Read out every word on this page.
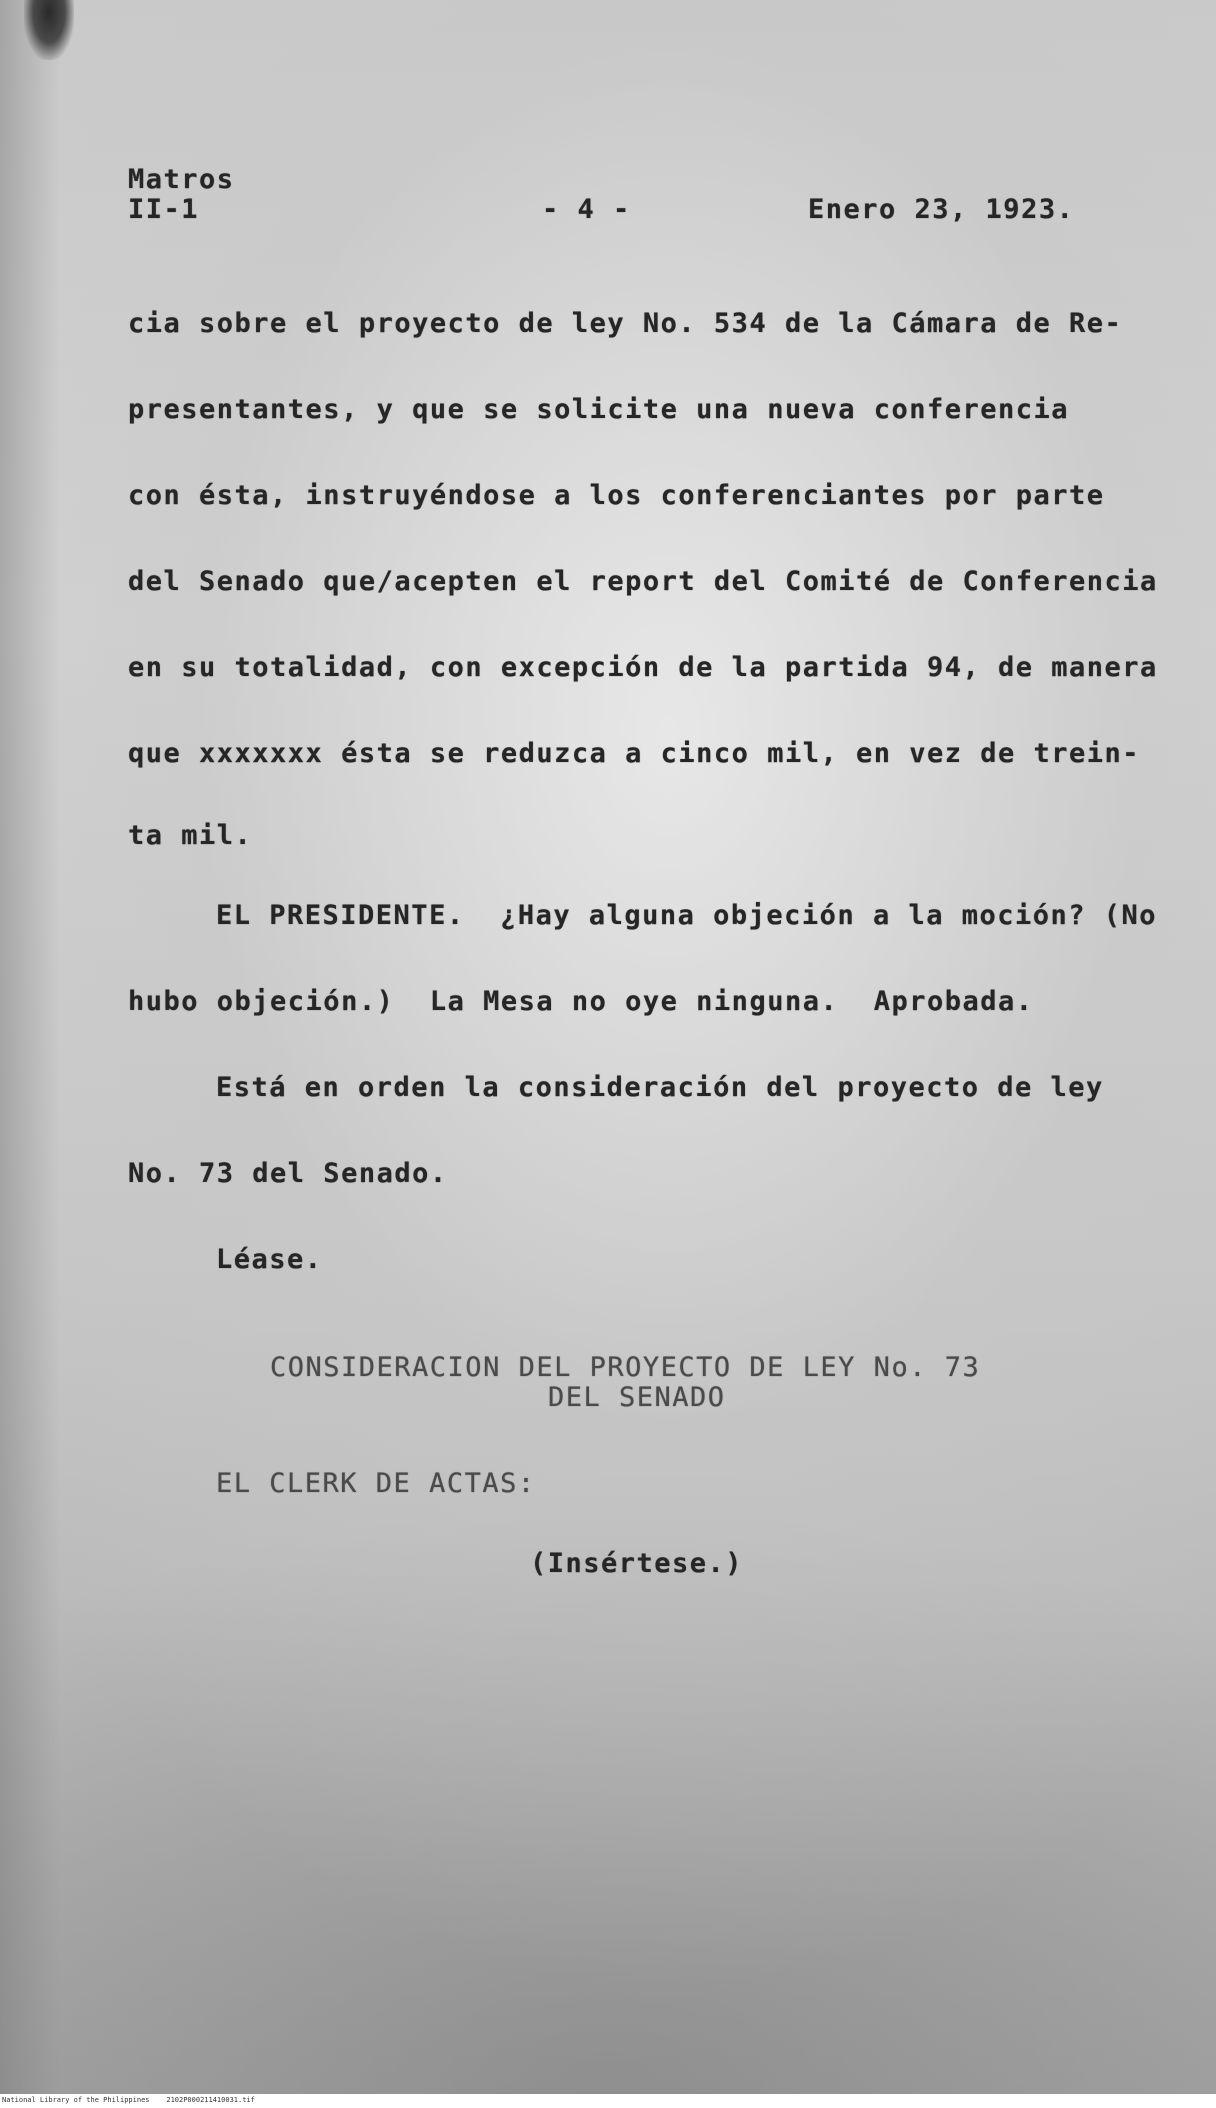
Matros
II-1	- 4 -	Enero 23, 1923.
cia sobre el proyecto de ley No. 534 de la Cámara de Re-
presentantes, y que se solicite una nueva conferencia
con ésta, instruyéndose a los conferenciantes por parte
del Senado que/acepten el report del Comité de Conferencia
en su totalidad, con excepción de la partida 94, de manera
que xxxxxxx ésta se reduzca a cinco mil, en vez de trein-
ta mil.
EL PRESIDENTE.  ¿Hay alguna objeción a la moción? (No
hubo objeción.)  La Mesa no oye ninguna.  Aprobada.
Está en orden la consideración del proyecto de ley
No. 73 del Senado.
Léase.
CONSIDERACION DEL PROYECTO DE LEY No. 73
DEL SENADO
EL CLERK DE ACTAS:
(Insértese.)
National Library of the Philippines    2102P000211410031.tif
